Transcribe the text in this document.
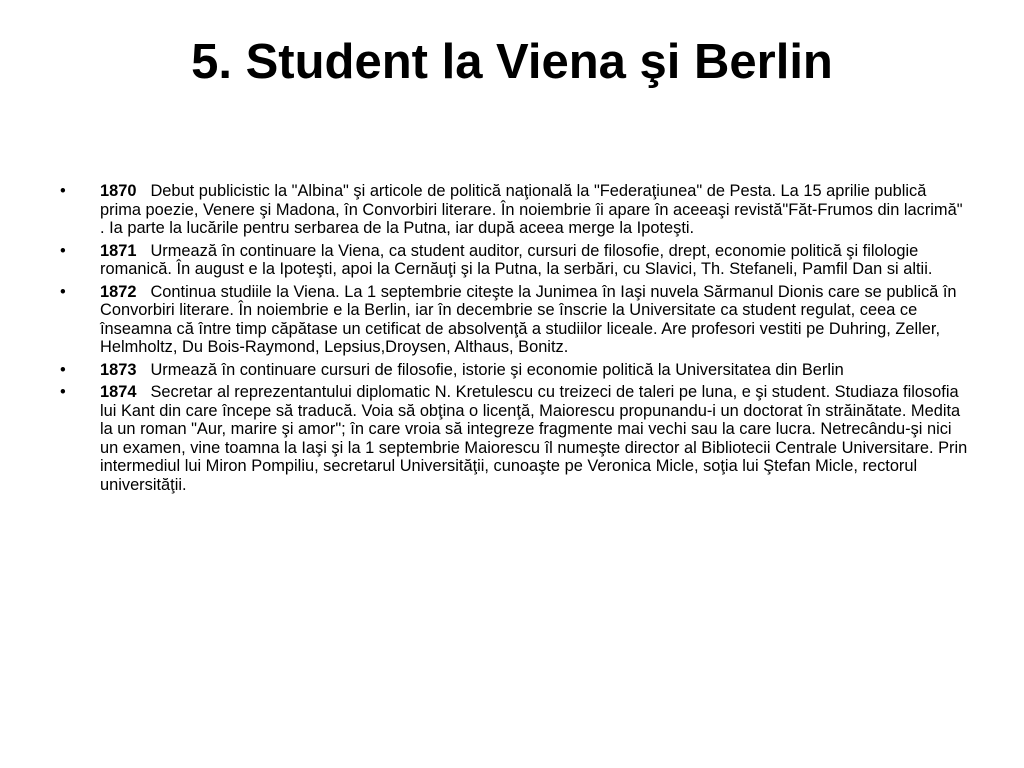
5. Student la Viena şi Berlin
•	1870 Debut publicistic la "Albina" şi articole de politică naţională la "Federaţiunea" de Pesta. La 15 aprilie publică prima poezie, Venere şi Madona, în Convorbiri literare. În noiembrie îi apare în aceeaşi revistă"Făt-Frumos din lacrimă" . Ia parte la lucările pentru serbarea de la Putna, iar după aceea merge la Ipoteşti.
•	1871 Urmează în continuare la Viena, ca student auditor, cursuri de filosofie, drept, economie politică şi filologie romanică. În august e la Ipoteşti, apoi la Cernăuţi şi la Putna, la serbări, cu Slavici, Th. Stefaneli, Pamfil Dan si altii.
•	1872 Continua studiile la Viena. La 1 septembrie citeşte la Junimea în Iaşi nuvela Sărmanul Dionis care se publică în Convorbiri literare. În noiembrie e la Berlin, iar în decembrie se înscrie la Universitate ca student regulat, ceea ce înseamna că între timp căpătase un cetificat de absolvenţă a studiilor liceale. Are profesori vestiti pe Duhring, Zeller, Helmholtz, Du Bois-Raymond, Lepsius,Droysen, Althaus, Bonitz.
•	1873 Urmează în continuare cursuri de filosofie, istorie şi economie politică la Universitatea din Berlin
•	1874 Secretar al reprezentantului diplomatic N. Kretulescu cu treizeci de taleri pe luna, e şi student. Studiaza filosofia lui Kant din care începe să traducă. Voia să obţina o licenţă, Maiorescu propunandu-i un doctorat în străinătate. Medita la un roman "Aur, marire şi amor"; în care vroia să integreze fragmente mai vechi sau la care lucra. Netrecându-şi nici un examen, vine toamna la Iaşi şi la 1 septembrie Maiorescu îl numeşte director al Bibliotecii Centrale Universitare. Prin intermediul lui Miron Pompiliu, secretarul Universităţii, cunoaşte pe Veronica Micle, soţia lui Ştefan Micle, rectorul universităţii.
